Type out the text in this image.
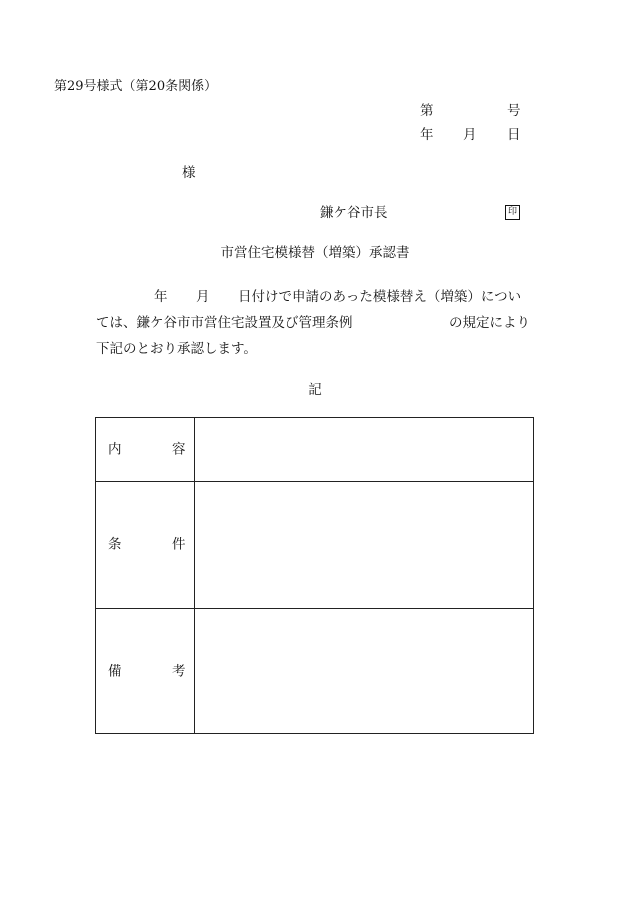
第29号様式（第20条関係）
第	号
年 月 日
様
鎌ケ谷市長	印
市営住宅模様替（増築）承認書
年 月 日付けで申請のあった模様替え（増築）につい
ては、鎌ケ谷市市営住宅設置及び管理条例	の規定により
下記のとおり承認します。
記
内	容
条	件
備	考
